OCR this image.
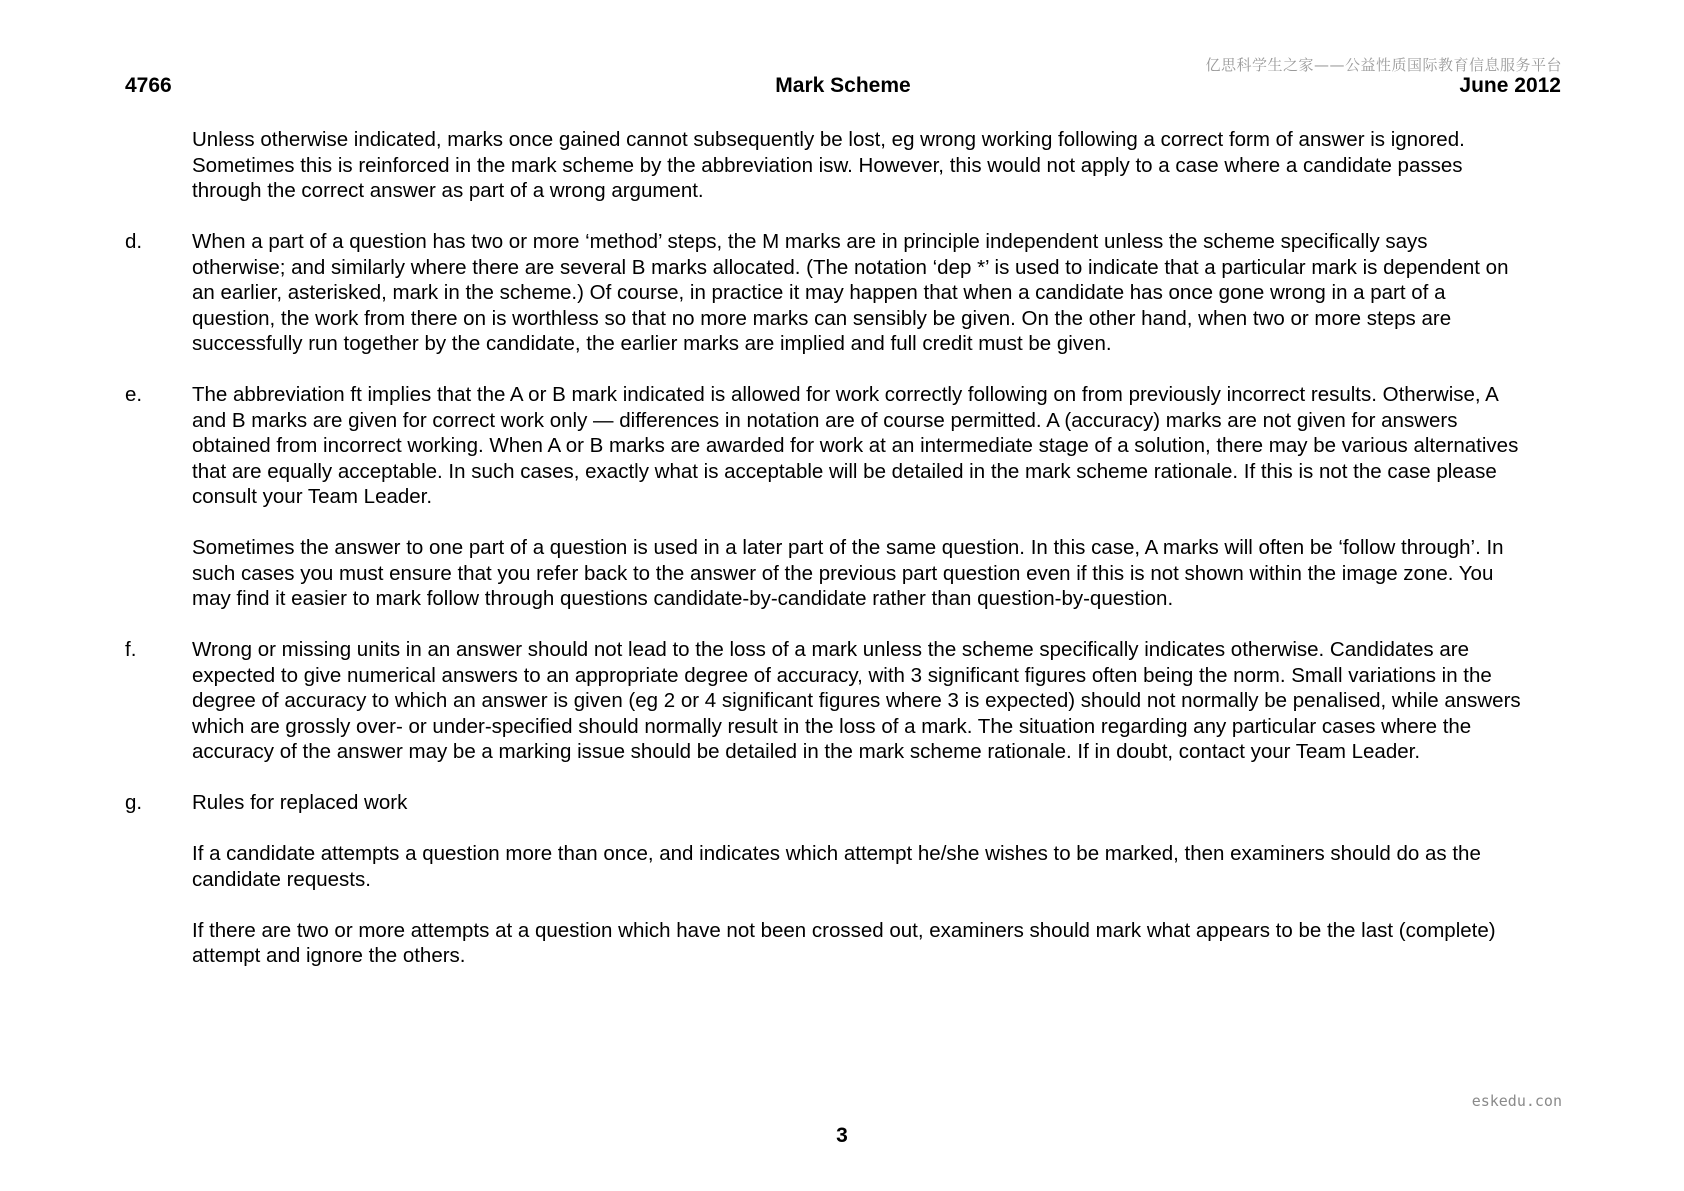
亿思科学生之家——公益性质国际教育信息服务平台
4766	Mark Scheme	June 2012

Unless otherwise indicated, marks once gained cannot subsequently be lost, eg wrong working following a correct form of answer is ignored. Sometimes this is reinforced in the mark scheme by the abbreviation isw. However, this would not apply to a case where a candidate passes through the correct answer as part of a wrong argument.

d.	When a part of a question has two or more ‘method’ steps, the M marks are in principle independent unless the scheme specifically says otherwise; and similarly where there are several B marks allocated. (The notation ‘dep *’ is used to indicate that a particular mark is dependent on an earlier, asterisked, mark in the scheme.) Of course, in practice it may happen that when a candidate has once gone wrong in a part of a question, the work from there on is worthless so that no more marks can sensibly be given. On the other hand, when two or more steps are successfully run together by the candidate, the earlier marks are implied and full credit must be given.

e.	The abbreviation ft implies that the A or B mark indicated is allowed for work correctly following on from previously incorrect results. Otherwise, A and B marks are given for correct work only — differences in notation are of course permitted. A (accuracy) marks are not given for answers obtained from incorrect working. When A or B marks are awarded for work at an intermediate stage of a solution, there may be various alternatives that are equally acceptable. In such cases, exactly what is acceptable will be detailed in the mark scheme rationale. If this is not the case please consult your Team Leader.

Sometimes the answer to one part of a question is used in a later part of the same question. In this case, A marks will often be ‘follow through’. In such cases you must ensure that you refer back to the answer of the previous part question even if this is not shown within the image zone. You may find it easier to mark follow through questions candidate-by-candidate rather than question-by-question.

f.	Wrong or missing units in an answer should not lead to the loss of a mark unless the scheme specifically indicates otherwise. Candidates are expected to give numerical answers to an appropriate degree of accuracy, with 3 significant figures often being the norm. Small variations in the degree of accuracy to which an answer is given (eg 2 or 4 significant figures where 3 is expected) should not normally be penalised, while answers which are grossly over- or under-specified should normally result in the loss of a mark. The situation regarding any particular cases where the accuracy of the answer may be a marking issue should be detailed in the mark scheme rationale. If in doubt, contact your Team Leader.

g.	Rules for replaced work

If a candidate attempts a question more than once, and indicates which attempt he/she wishes to be marked, then examiners should do as the candidate requests.

If there are two or more attempts at a question which have not been crossed out, examiners should mark what appears to be the last (complete) attempt and ignore the others.

eskedu.con
3
